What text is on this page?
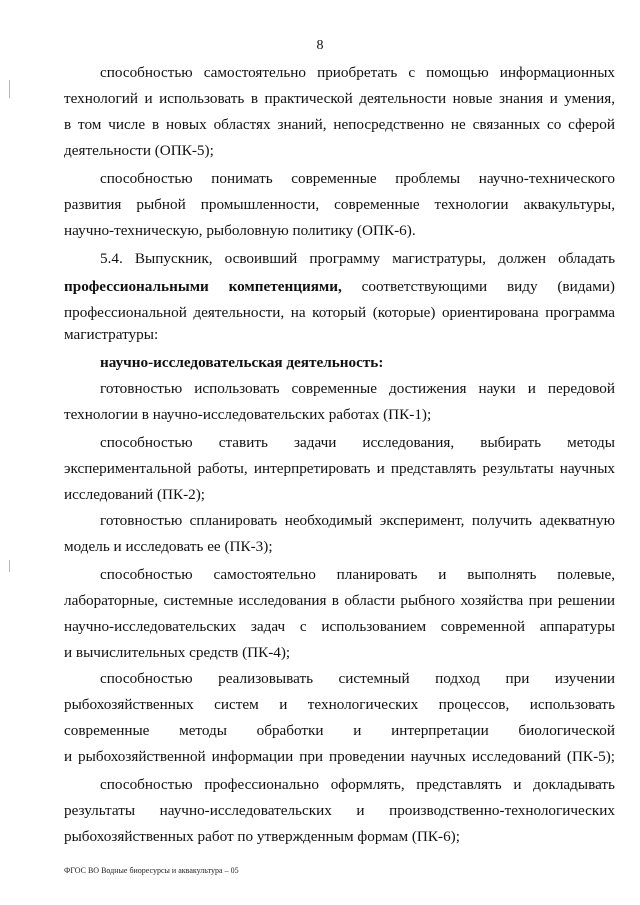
8
способностью самостоятельно приобретать с помощью информационных
технологий и использовать в практической деятельности новые знания и умения,
в том числе в новых областях знаний, непосредственно не связанных со сферой
деятельности (ОПК-5);
способностью понимать современные проблемы научно-технического
развития рыбной промышленности, современные технологии аквакультуры,
научно-техническую, рыболовную политику (ОПК-6).
5.4. Выпускник, освоивший программу магистратуры, должен обладать
профессиональными компетенциями, соответствующими виду (видами)
профессиональной деятельности, на который (которые) ориентирована программа
магистратуры:
научно-исследовательская деятельность:
готовностью использовать современные достижения науки и передовой
технологии в научно-исследовательских работах (ПК-1);
способностью ставить задачи исследования, выбирать методы
экспериментальной работы, интерпретировать и представлять результаты научных
исследований (ПК-2);
готовностью спланировать необходимый эксперимент, получить адекватную
модель и исследовать ее (ПК-3);
способностью самостоятельно планировать и выполнять полевые,
лабораторные, системные исследования в области рыбного хозяйства при решении
научно-исследовательских задач с использованием современной аппаратуры
и вычислительных средств (ПК-4);
способностью реализовывать системный подход при изучении
рыбохозяйственных систем и технологических процессов, использовать
современные методы обработки и интерпретации биологической
и рыбохозяйственной информации при проведении научных исследований (ПК-5);
способностью профессионально оформлять, представлять и докладывать
результаты научно-исследовательских и производственно-технологических
рыбохозяйственных работ по утвержденным формам (ПК-6);
ФГОС ВО Водные биоресурсы и аквакультура – 05
